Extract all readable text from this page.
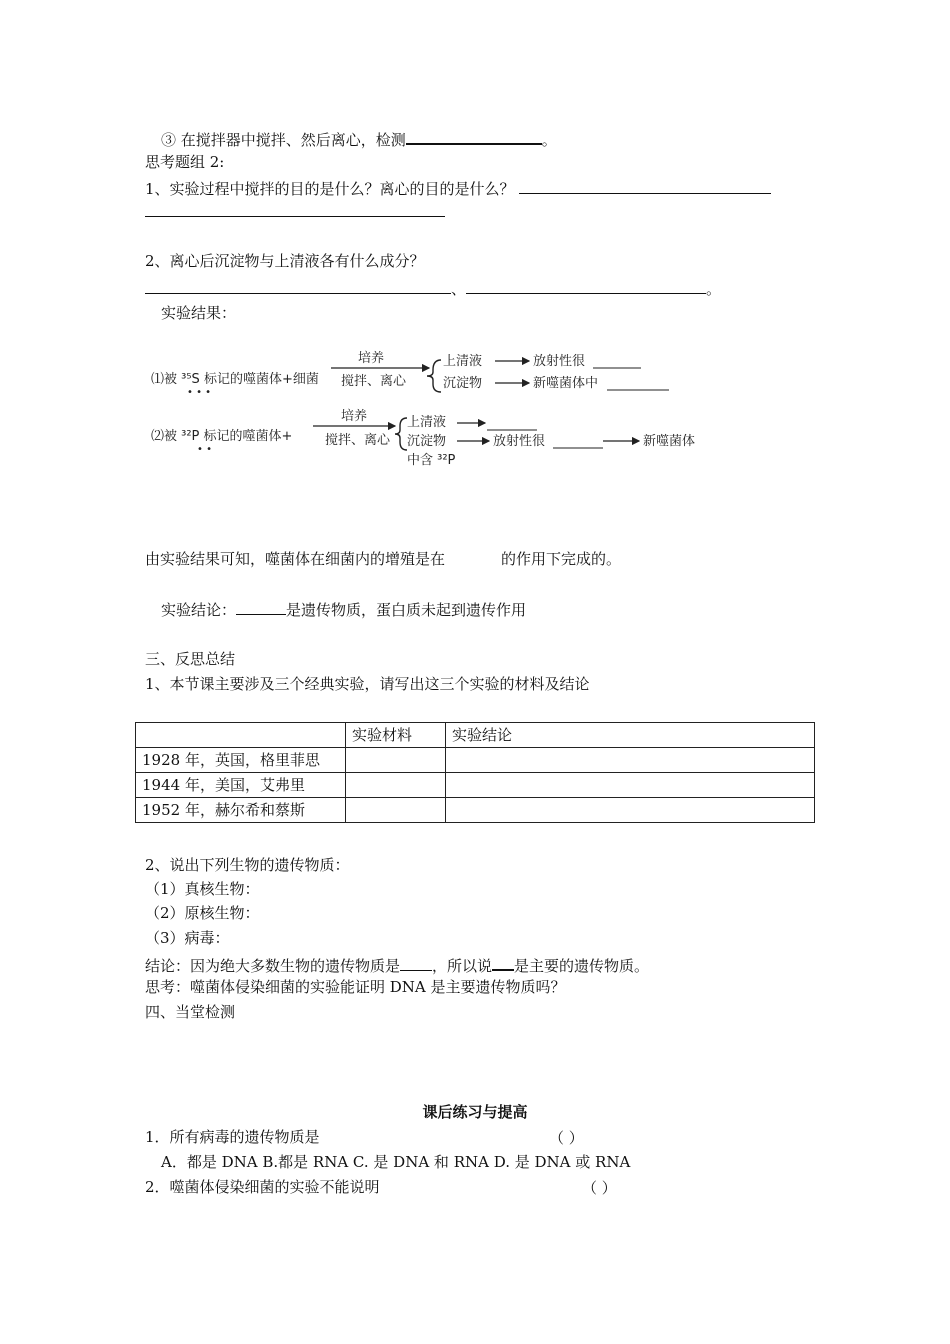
③ 在搅拌器中搅拌、然后离心，检测	。
思考题组 2:
1、实验过程中搅拌的目的是什么？离心的目的是什么？
2、离心后沉淀物与上清液各有什么成分？
、	。
实验结果：
⑴被 ³⁵S 标记的噬菌体+细菌
• • •
培养
搅拌、离心
上清液	放射性很
沉淀物	新噬菌体中
⑵被 ³²P 标记的噬菌体+
• •
培养
搅拌、离心
上清液
沉淀物	放射性很	新噬菌体
中含 ³²P
由实验结果可知，噬菌体在细菌内的增殖是在	的作用下完成的。
实验结论：	是遗传物质，蛋白质未起到遗传作用
三、反思总结
1、本节课主要涉及三个经典实验，请写出这三个实验的材料及结论
	实验材料	实验结论
1928 年，英国，格里菲思		
1944 年，美国，艾弗里		
1952 年，赫尔希和蔡斯		
2、说出下列生物的遗传物质：
（1）真核生物：
（2）原核生物：
（3）病毒：
结论：因为绝大多数生物的遗传物质是 ，所以说 是主要的遗传物质。
思考：噬菌体侵染细菌的实验能证明 DNA 是主要遗传物质吗？
四、当堂检测
课后练习与提高
1．所有病毒的遗传物质是	（ ）
A．都是 DNA B.都是 RNA C. 是 DNA 和 RNA D. 是 DNA 或 RNA
2．噬菌体侵染细菌的实验不能说明	（ ）
